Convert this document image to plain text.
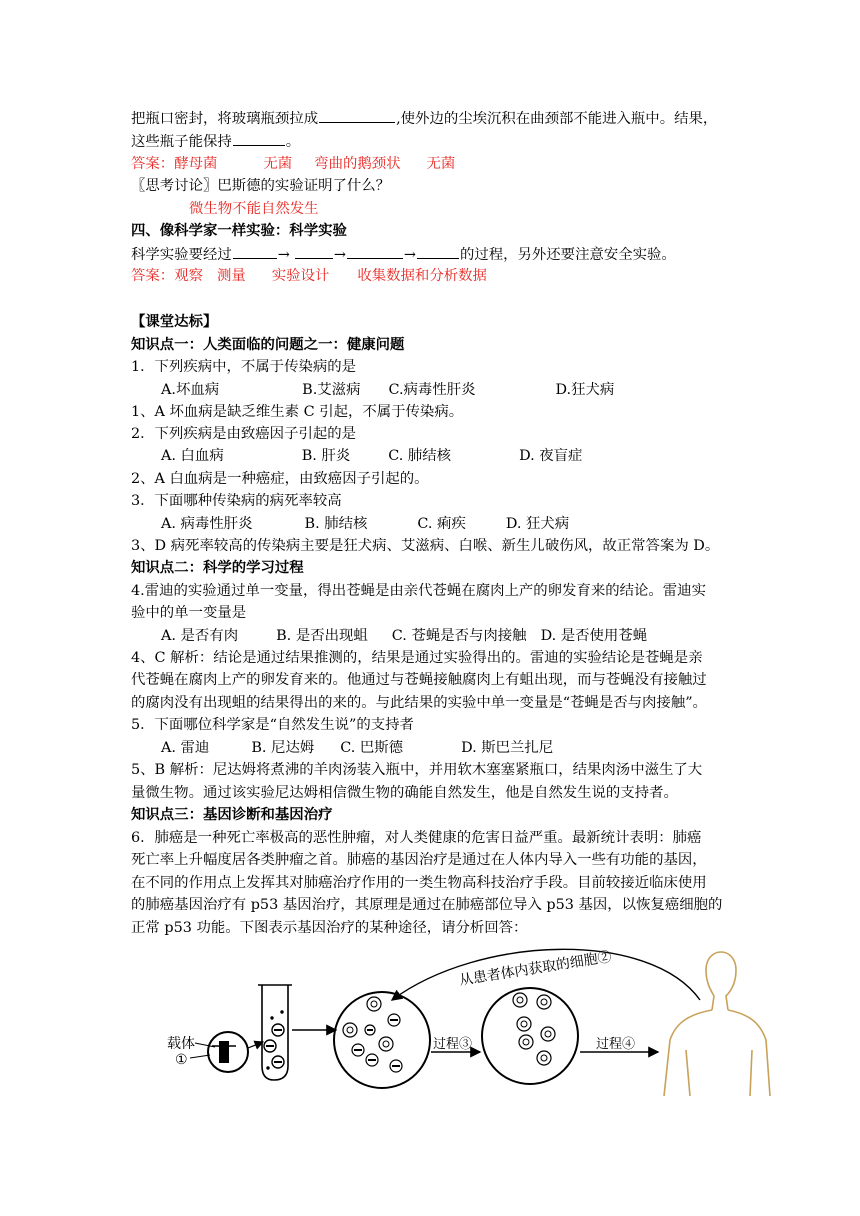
把瓶口密封，将玻璃瓶颈拉成	,使外边的尘埃沉积在曲颈部不能进入瓶中。结果，
这些瓶子能保持	。
答案：酵母菌	无菌 弯曲的鹅颈状 无菌
〖思考讨论〗巴斯德的实验证明了什么？
微生物不能自然发生
四、像科学家一样实验：科学实验
科学实验要经过	→	→	→	的过程，另外还要注意安全实验。
答案：观察 测量 实验设计 收集数据和分析数据
【课堂达标】
知识点一：人类面临的问题之一：健康问题
1．下列疾病中，不属于传染病的是
A.坏血病	B.艾滋病 C.病毒性肝炎	D.狂犬病
1、A 坏血病是缺乏维生素 C 引起，不属于传染病。
2．下列疾病是由致癌因子引起的是
A. 白血病	B. 肝炎	C. 肺结核	D. 夜盲症
2、A 白血病是一种癌症，由致癌因子引起的。
3．下面哪种传染病的病死率较高
A. 病毒性肝炎	B. 肺结核	C. 痢疾	D. 狂犬病
3、D 病死率较高的传染病主要是狂犬病、艾滋病、白喉、新生儿破伤风，故正常答案为 D。
知识点二：科学的学习过程
4.雷迪的实验通过单一变量，得出苍蝇是由亲代苍蝇在腐肉上产的卵发育来的结论。雷迪实
验中的单一变量是
A. 是否有肉	B. 是否出现蛆 C. 苍蝇是否与肉接触 D. 是否使用苍蝇
4、C 解析：结论是通过结果推测的，结果是通过实验得出的。雷迪的实验结论是苍蝇是亲
代苍蝇在腐肉上产的卵发育来的。他通过与苍蝇接触腐肉上有蛆出现，而与苍蝇没有接触过
的腐肉没有出现蛆的结果得出的来的。与此结果的实验中单一变量是“苍蝇是否与肉接触”。
5．下面哪位科学家是“自然发生说”的支持者
A. 雷迪	B. 尼达姆 C. 巴斯德	D. 斯巴兰扎尼
5、B 解析：尼达姆将煮沸的羊肉汤装入瓶中，并用软木塞塞紧瓶口，结果肉汤中滋生了大
量微生物。通过该实验尼达姆相信微生物的确能自然发生，他是自然发生说的支持者。
知识点三：基因诊断和基因治疗
6．肺癌是一种死亡率极高的恶性肿瘤，对人类健康的危害日益严重。最新统计表明：肺癌
死亡率上升幅度居各类肿瘤之首。肺癌的基因治疗是通过在人体内导入一些有功能的基因，
在不同的作用点上发挥其对肺癌治疗作用的一类生物高科技治疗手段。目前较接近临床使用
的肺癌基因治疗有 p53 基因治疗，其原理是通过在肺癌部位导入 p53 基因，以恢复癌细胞的
正常 p53 功能。下图表示基因治疗的某种途径，请分析回答：
从患者体内获取的细胞②
载体
①
过程③	过程④
